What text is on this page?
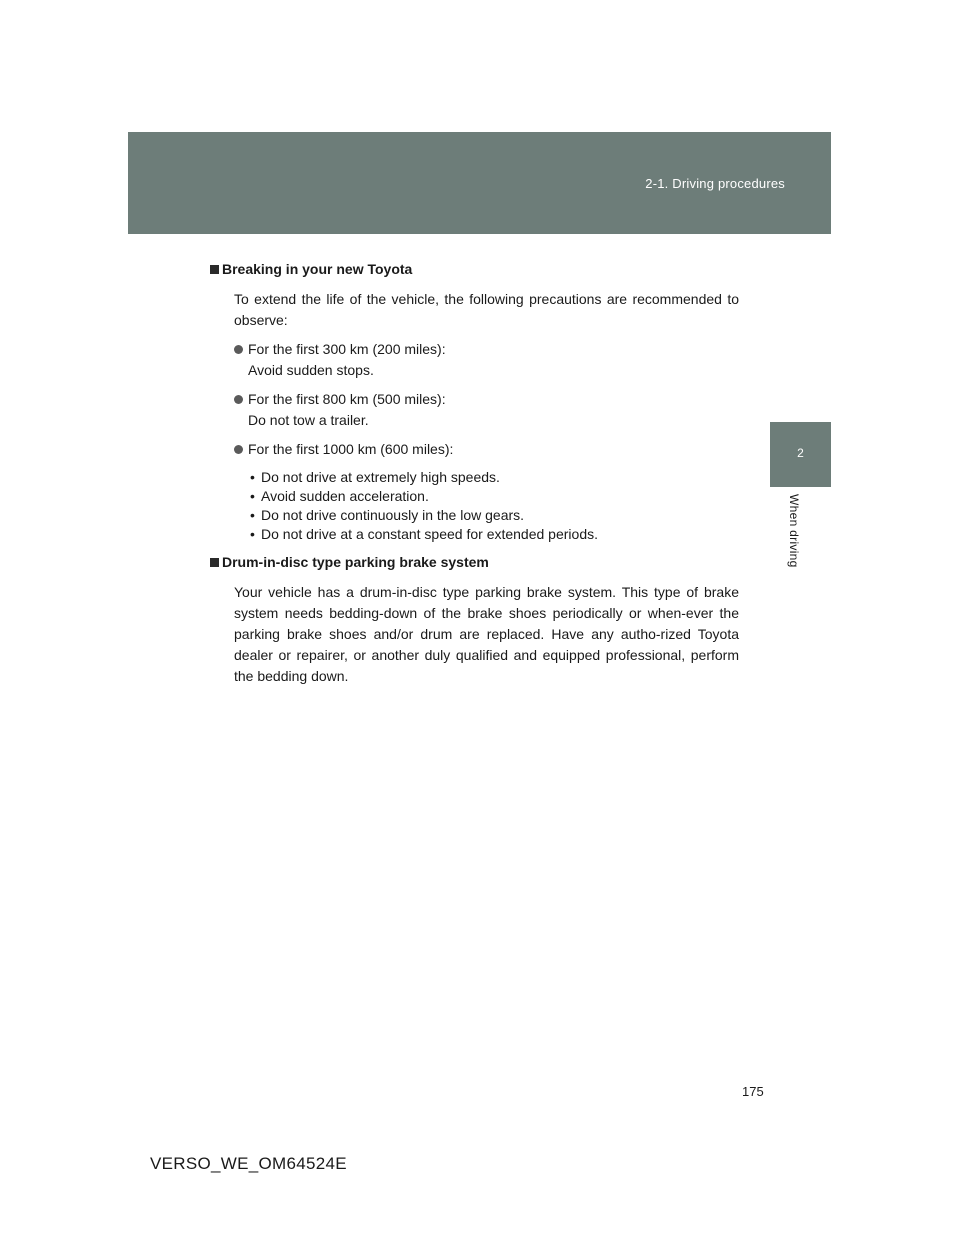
2-1. Driving procedures
2
When driving

Breaking in your new Toyota

To extend the life of the vehicle, the following precautions are recommended to observe:

For the first 300 km (200 miles):
Avoid sudden stops.
For the first 800 km (500 miles):
Do not tow a trailer.
For the first 1000 km (600 miles):
• Do not drive at extremely high speeds.
• Avoid sudden acceleration.
• Do not drive continuously in the low gears.
• Do not drive at a constant speed for extended periods.

Drum-in-disc type parking brake system

Your vehicle has a drum-in-disc type parking brake system. This type of brake system needs bedding-down of the brake shoes periodically or when-ever the parking brake shoes and/or drum are replaced. Have any autho-rized Toyota dealer or repairer, or another duly qualified and equipped professional, perform the bedding down.

175
VERSO_WE_OM64524E
